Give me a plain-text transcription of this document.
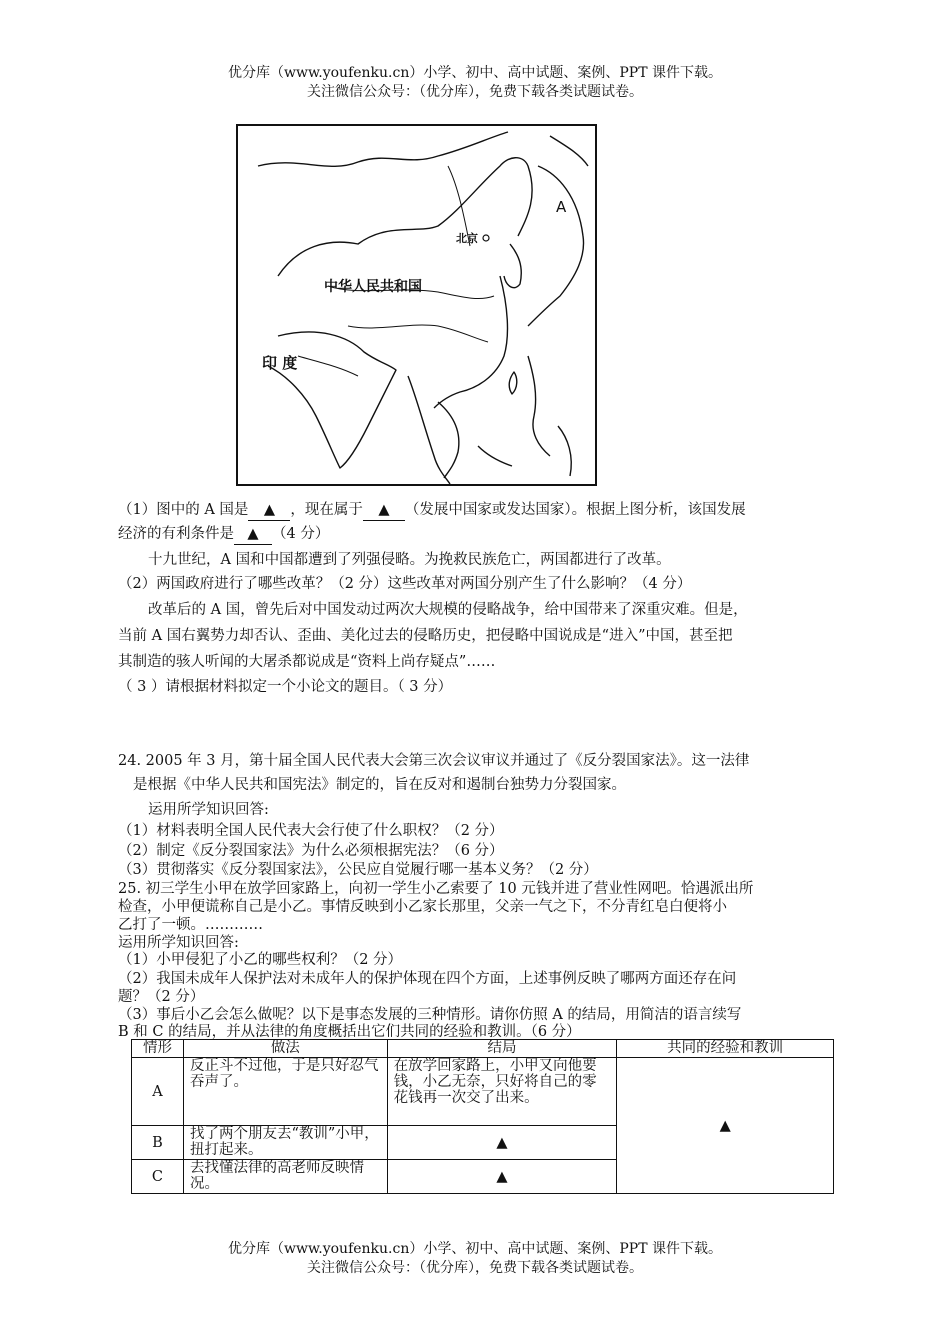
优分库（www.youfenku.cn）小学、初中、高中试题、案例、PPT 课件下载。
关注微信公众号：（优分库），免费下载各类试题试卷。
A
北京
中华人民共和国
印 度
（1）图中的 A 国是 ▲ ，现在属于 ▲ （发展中国家或发达国家）。根据上图分析，该国发展
经济的有利条件是 ▲ （4 分）
十九世纪，A 国和中国都遭到了列强侵略。为挽救民族危亡，两国都进行了改革。
（2）两国政府进行了哪些改革？（2 分）这些改革对两国分别产生了什么影响？（4 分）
改革后的 A 国，曾先后对中国发动过两次大规模的侵略战争，给中国带来了深重灾难。但是，
当前 A 国右翼势力却否认、歪曲、美化过去的侵略历史，把侵略中国说成是“进入”中国，甚至把
其制造的骇人听闻的大屠杀都说成是“资料上尚存疑点”……
（ 3 ）请根据材料拟定一个小论文的题目。（ 3 分）
24. 2005 年 3 月，第十届全国人民代表大会第三次会议审议并通过了《反分裂国家法》。这一法律
是根据《中华人民共和国宪法》制定的，旨在反对和遏制台独势力分裂国家。
运用所学知识回答:
（1）材料表明全国人民代表大会行使了什么职权？（2 分）
（2）制定《反分裂国家法》为什么必须根据宪法？（6 分）
（3）贯彻落实《反分裂国家法》，公民应自觉履行哪一基本义务？（2 分）
25. 初三学生小甲在放学回家路上，向初一学生小乙索要了 10 元钱并进了营业性网吧。恰遇派出所
检查，小甲便谎称自己是小乙。事情反映到小乙家长那里，父亲一气之下，不分青红皂白便将小
乙打了一顿。…………
运用所学知识回答:
（1）小甲侵犯了小乙的哪些权利？（2 分）
（2）我国未成年人保护法对未成年人的保护体现在四个方面，上述事例反映了哪两方面还存在问
题？（2 分）
（3）事后小乙会怎么做呢？以下是事态发展的三种情形。请你仿照 A 的结局，用简洁的语言续写
B 和 C 的结局，并从法律的角度概括出它们共同的经验和教训。（6 分）
情形	做法	结局	共同的经验和教训
A	反正斗不过他，于是只好忍气吞声了。	在放学回家路上，小甲又向他要钱，小乙无奈，只好将自己的零花钱再一次交了出来。	▲
B	找了两个朋友去“教训”小甲，扭打起来。	▲	
C	去找懂法律的高老师反映情况。	▲	
优分库（www.youfenku.cn）小学、初中、高中试题、案例、PPT 课件下载。
关注微信公众号：（优分库），免费下载各类试题试卷。
